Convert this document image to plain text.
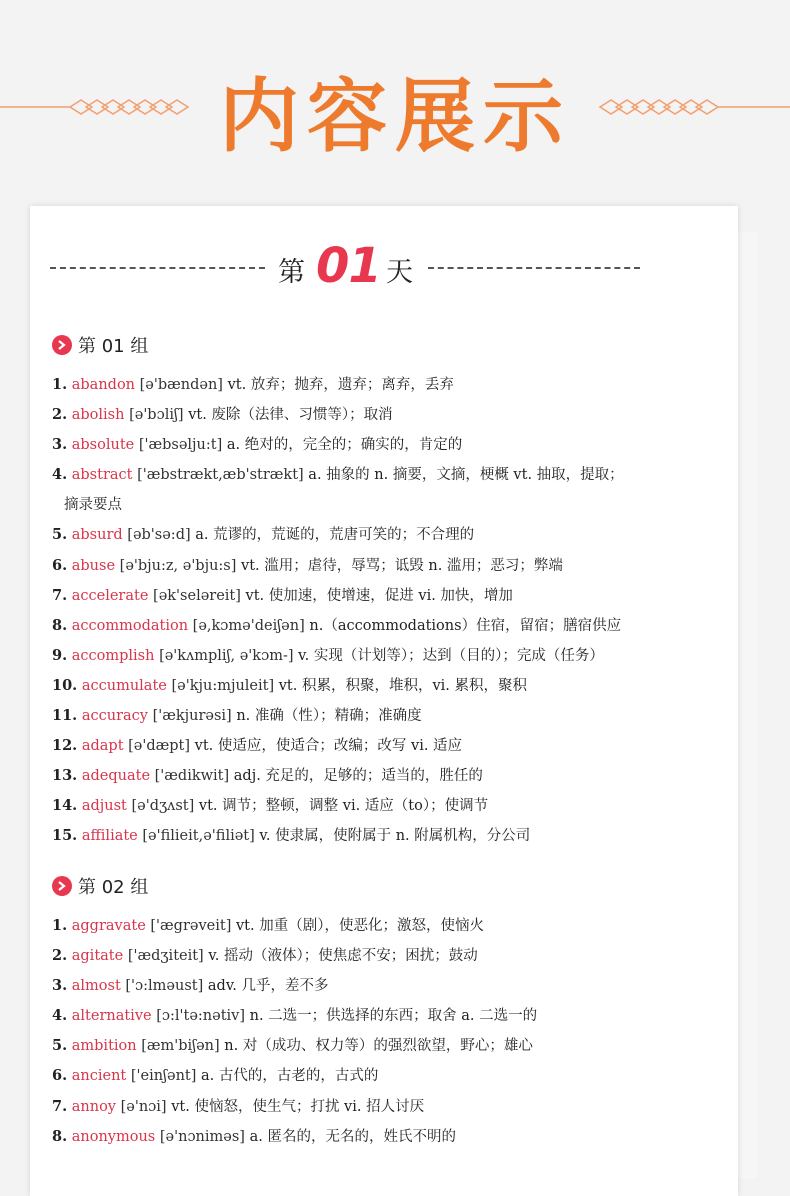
内容展示
第 01 天
第 01 组
1. abandon [ə'bændən] vt. 放弃；抛弃，遗弃；离弃，丢弃
2. abolish [ə'bɔliʃ] vt. 废除（法律、习惯等）；取消
3. absolute ['æbsəlju:t] a. 绝对的，完全的；确实的，肯定的
4. abstract ['æbstrækt,æb'strækt] a. 抽象的 n. 摘要，文摘，梗概 vt. 抽取，提取；
摘录要点
5. absurd [əb'sə:d] a. 荒谬的，荒诞的，荒唐可笑的；不合理的
6. abuse [ə'bju:z, ə'bju:s] vt. 滥用；虐待，辱骂；诋毁 n. 滥用；恶习；弊端
7. accelerate [ək'seləreit] vt. 使加速，使增速，促进 vi. 加快，增加
8. accommodation [ə,kɔmə'deiʃən] n.（accommodations）住宿，留宿；膳宿供应
9. accomplish [ə'kʌmpliʃ, ə'kɔm-] v. 实现（计划等）；达到（目的）；完成（任务）
10. accumulate [ə'kju:mjuleit] vt. 积累，积聚，堆积，vi. 累积，聚积
11. accuracy ['ækjurəsi] n. 准确（性）；精确；准确度
12. adapt [ə'dæpt] vt. 使适应，使适合；改编；改写 vi. 适应
13. adequate ['ædikwit] adj. 充足的，足够的；适当的，胜任的
14. adjust [ə'dʒʌst] vt. 调节；整顿，调整 vi. 适应（to）；使调节
15. affiliate [ə'filieit,ə'filiət] v. 使隶属，使附属于 n. 附属机构，分公司
第 02 组
1. aggravate ['ægrəveit] vt. 加重（剧），使恶化；激怒，使恼火
2. agitate ['ædʒiteit] v. 摇动（液体）；使焦虑不安；困扰；鼓动
3. almost ['ɔ:lməust] adv. 几乎，差不多
4. alternative [ɔ:l'tə:nətiv] n. 二选一；供选择的东西；取舍 a. 二选一的
5. ambition [æm'biʃən] n. 对（成功、权力等）的强烈欲望，野心；雄心
6. ancient ['einʃənt] a. 古代的，古老的，古式的
7. annoy [ə'nɔi] vt. 使恼怒，使生气；打扰 vi. 招人讨厌
8. anonymous [ə'nɔniməs] a. 匿名的，无名的，姓氏不明的
